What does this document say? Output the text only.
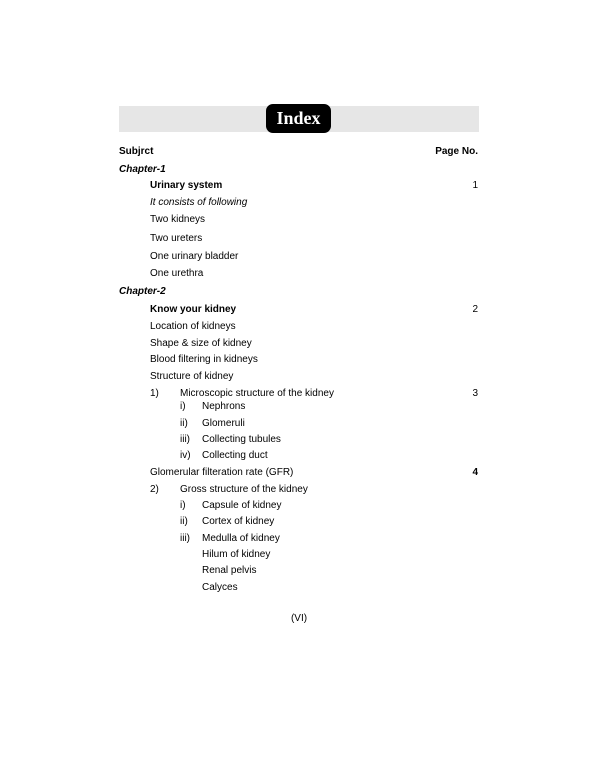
Index
Subjrct	Page No.
Chapter-1
Urinary system	1
It consists of following
Two kidneys
Two ureters
One urinary bladder
One urethra
Chapter-2
Know your kidney	2
Location of kidneys
Shape & size of kidney
Blood filtering in kidneys
Structure of kidney
1) Microscopic structure of the kidney	3
i) Nephrons
ii) Glomeruli
iii) Collecting tubules
iv) Collecting duct
Glomerular filteration rate (GFR)	4
2) Gross structure of the kidney
i) Capsule of kidney
ii) Cortex of kidney
iii) Medulla of kidney
Hilum of kidney
Renal pelvis
Calyces
(VI)
